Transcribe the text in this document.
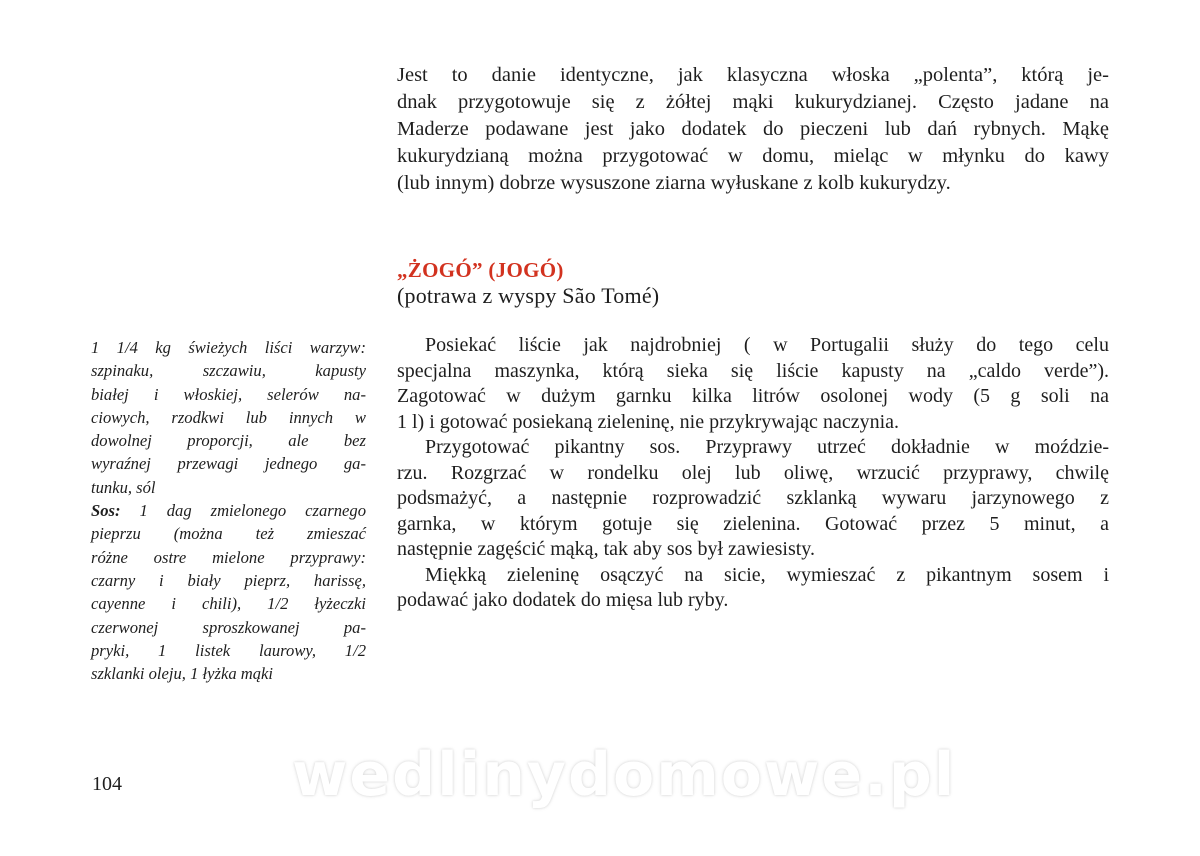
Jest to danie identyczne, jak klasyczna włoska „polenta”, którą je-
dnak przygotowuje się z żółtej mąki kukurydzianej. Często jadane na
Maderze podawane jest jako dodatek do pieczeni lub dań rybnych. Mąkę
kukurydzianą można przygotować w domu, mieląc w młynku do kawy
(lub innym) dobrze wysuszone ziarna wyłuskane z kolb kukurydzy.
„ŻOGÓ” (JOGÓ)

(potrawa z wyspy São Tomé)

1 1/4 kg świeżych liści warzyw:
szpinaku, szczawiu, kapusty
białej i włoskiej, selerów na-
ciowych, rzodkwi lub innych w
dowolnej proporcji, ale bez
wyraźnej przewagi jednego ga-
tunku, sól
Sos: 1 dag zmielonego czarnego
pieprzu (można też zmieszać
różne ostre mielone przyprawy:
czarny i biały pieprz, harissę,
cayenne i chili), 1/2 łyżeczki
czerwonej sproszkowanej pa-
pryki, 1 listek laurowy, 1/2
szklanki oleju, 1 łyżka mąki
Posiekać liście jak najdrobniej ( w Portugalii służy do tego celu
specjalna maszynka, którą sieka się liście kapusty na „caldo verde”).
Zagotować w dużym garnku kilka litrów osolonej wody (5 g soli na
1 l) i gotować posiekaną zieleninę, nie przykrywając naczynia.
Przygotować pikantny sos. Przyprawy utrzeć dokładnie w moździe-
rzu. Rozgrzać w rondelku olej lub oliwę, wrzucić przyprawy, chwilę
podsmażyć, a następnie rozprowadzić szklanką wywaru jarzynowego z
garnka, w którym gotuje się zielenina. Gotować przez 5 minut, a
następnie zagęścić mąką, tak aby sos był zawiesisty.
Miękką zieleninę osączyć na sicie, wymieszać z pikantnym sosem i
podawać jako dodatek do mięsa lub ryby.

104	wedlinydomowe.pl
